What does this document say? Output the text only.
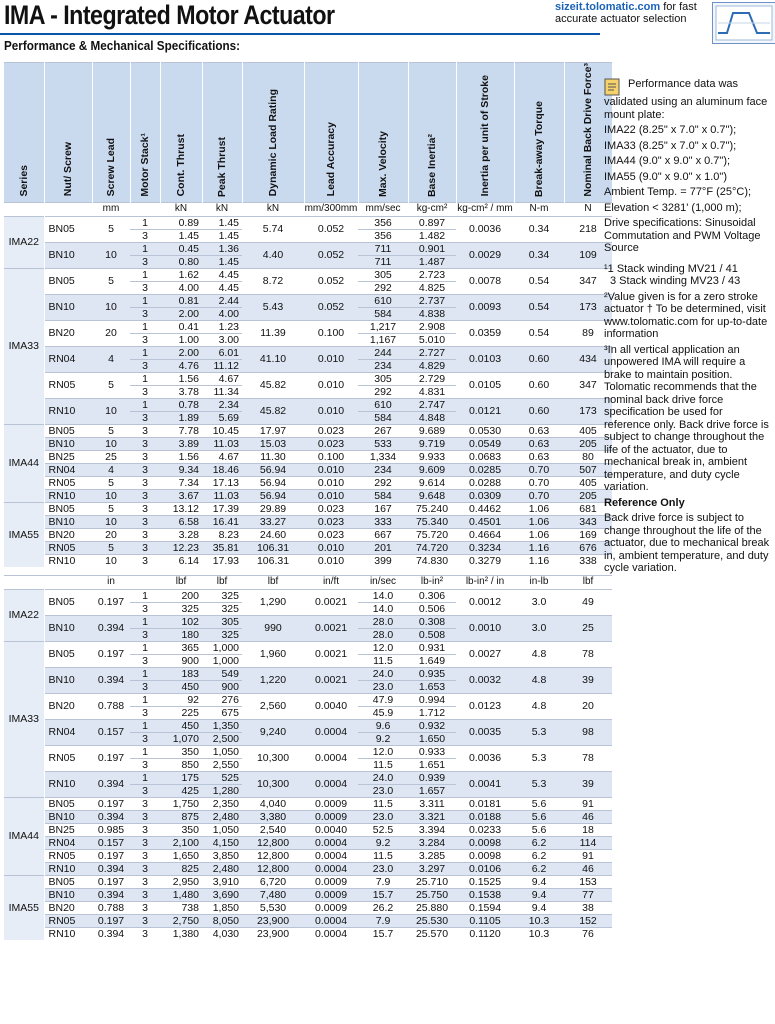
IMA - Integrated Motor Actuator
Performance & Mechanical Specifications:
sizeit.tolomatic.com for fast
accurate actuator selection
Series	Nut/ Screw	Screw Lead	Motor Stack¹	Cont. Thrust	Peak Thrust	Dynamic Load Rating	Lead Accuracy	Max. Velocity	Base Inertia²	Inertia per unit of Stroke	Break-away Torque	Nominal Back Drive Force³
		mm		kN	kN	kN	mm/300mm	mm/sec	kg-cm²	kg-cm² / mm	N-m	N
IMA22	BN05	5	1	0.89	1.45	5.74	0.052	356	0.897	0.0036	0.34	218
			3	1.45	1.45			356	1.482			
	BN10	10	1	0.45	1.36	4.40	0.052	711	0.901	0.0029	0.34	109
			3	0.80	1.45			711	1.487			
IMA33	BN05	5	1	1.62	4.45	8.72	0.052	305	2.723	0.0078	0.54	347
			3	4.00	4.45			292	4.825			
	BN10	10	1	0.81	2.44	5.43	0.052	610	2.737	0.0093	0.54	173
			3	2.00	4.00			584	4.838			
	BN20	20	1	0.41	1.23	11.39	0.100	1,217	2.908	0.0359	0.54	89
			3	1.00	3.00			1,167	5.010			
	RN04	4	1	2.00	6.01	41.10	0.010	244	2.727	0.0103	0.60	434
			3	4.76	11.12			234	4.829			
	RN05	5	1	1.56	4.67	45.82	0.010	305	2.729	0.0105	0.60	347
			3	3.78	11.34			292	4.831			
	RN10	10	1	0.78	2.34	45.82	0.010	610	2.747	0.0121	0.60	173
			3	1.89	5.69			584	4.848			
IMA44	BN05	5	3	7.78	10.45	17.97	0.023	267	9.689	0.0530	0.63	405
	BN10	10	3	3.89	11.03	15.03	0.023	533	9.719	0.0549	0.63	205
	BN25	25	3	1.56	4.67	11.30	0.100	1,334	9.933	0.0683	0.63	80
	RN04	4	3	9.34	18.46	56.94	0.010	234	9.609	0.0285	0.70	507
	RN05	5	3	7.34	17.13	56.94	0.010	292	9.614	0.0288	0.70	405
	RN10	10	3	3.67	11.03	56.94	0.010	584	9.648	0.0309	0.70	205
IMA55	BN05	5	3	13.12	17.39	29.89	0.023	167	75.240	0.4462	1.06	681
	BN10	10	3	6.58	16.41	33.27	0.023	333	75.340	0.4501	1.06	343
	BN20	20	3	3.28	8.23	24.60	0.023	667	75.720	0.4664	1.06	169
	RN05	5	3	12.23	35.81	106.31	0.010	201	74.720	0.3234	1.16	676
	RN10	10	3	6.14	17.93	106.31	0.010	399	74.830	0.3279	1.16	338

		in		lbf	lbf	lbf	in/ft	in/sec	lb-in²	lb-in² / in	in-lb	lbf
IMA22	BN05	0.197	1	200	325	1,290	0.0021	14.0	0.306	0.0012	3.0	49
			3	325	325			14.0	0.506			
	BN10	0.394	1	102	305	990	0.0021	28.0	0.308	0.0010	3.0	25
			3	180	325			28.0	0.508			
IMA33	BN05	0.197	1	365	1,000	1,960	0.0021	12.0	0.931	0.0027	4.8	78
			3	900	1,000			11.5	1.649			
	BN10	0.394	1	183	549	1,220	0.0021	24.0	0.935	0.0032	4.8	39
			3	450	900			23.0	1.653			
	BN20	0.788	1	92	276	2,560	0.0040	47.9	0.994	0.0123	4.8	20
			3	225	675			45.9	1.712			
	RN04	0.157	1	450	1,350	9,240	0.0004	9.6	0.932	0.0035	5.3	98
			3	1,070	2,500			9.2	1.650			
	RN05	0.197	1	350	1,050	10,300	0.0004	12.0	0.933	0.0036	5.3	78
			3	850	2,550			11.5	1.651			
	RN10	0.394	1	175	525	10,300	0.0004	24.0	0.939	0.0041	5.3	39
			3	425	1,280			23.0	1.657			
IMA44	BN05	0.197	3	1,750	2,350	4,040	0.0009	11.5	3.311	0.0181	5.6	91
	BN10	0.394	3	875	2,480	3,380	0.0009	23.0	3.321	0.0188	5.6	46
	BN25	0.985	3	350	1,050	2,540	0.0040	52.5	3.394	0.0233	5.6	18
	RN04	0.157	3	2,100	4,150	12,800	0.0004	9.2	3.284	0.0098	6.2	114
	RN05	0.197	3	1,650	3,850	12,800	0.0004	11.5	3.285	0.0098	6.2	91
	RN10	0.394	3	825	2,480	12,800	0.0004	23.0	3.297	0.0106	6.2	46
IMA55	BN05	0.197	3	2,950	3,910	6,720	0.0009	7.9	25.710	0.1525	9.4	153
	BN10	0.394	3	1,480	3,690	7,480	0.0009	15.7	25.750	0.1538	9.4	77
	BN20	0.788	3	738	1,850	5,530	0.0009	26.2	25.880	0.1594	9.4	38
	RN05	0.197	3	2,750	8,050	23,900	0.0004	7.9	25.530	0.1105	10.3	152
	RN10	0.394	3	1,380	4,030	23,900	0.0004	15.7	25.570	0.1120	10.3	76

Performance data was validated using an aluminum face mount plate:

IMA22 (8.25" x 7.0" x 0.7");

IMA33 (8.25" x 7.0" x 0.7");

IMA44 (9.0" x 9.0" x 0.7");

IMA55 (9.0" x 9.0" x 1.0")

Ambient Temp. = 77°F (25°C);

Elevation < 3281' (1,000 m);

Drive specifications: Sinusoidal Commutation and PWM Voltage Source

¹1 Stack winding MV21 / 41

3 Stack winding MV23 / 43

²Value given is for a zero stroke actuator † To be determined, visit www.tolomatic.com for up-to-date information

³In all vertical application an unpowered IMA will require a brake to maintain position. Tolomatic recommends that the nominal back drive force specification be used for reference only. Back drive force is subject to change throughout the life of the actuator, due to mechanical break in, ambient temperature, and duty cycle variation.

Reference Only

Back drive force is subject to change throughout the life of the actuator, due to mechanical break in, ambient temperature, and duty cycle variation.
